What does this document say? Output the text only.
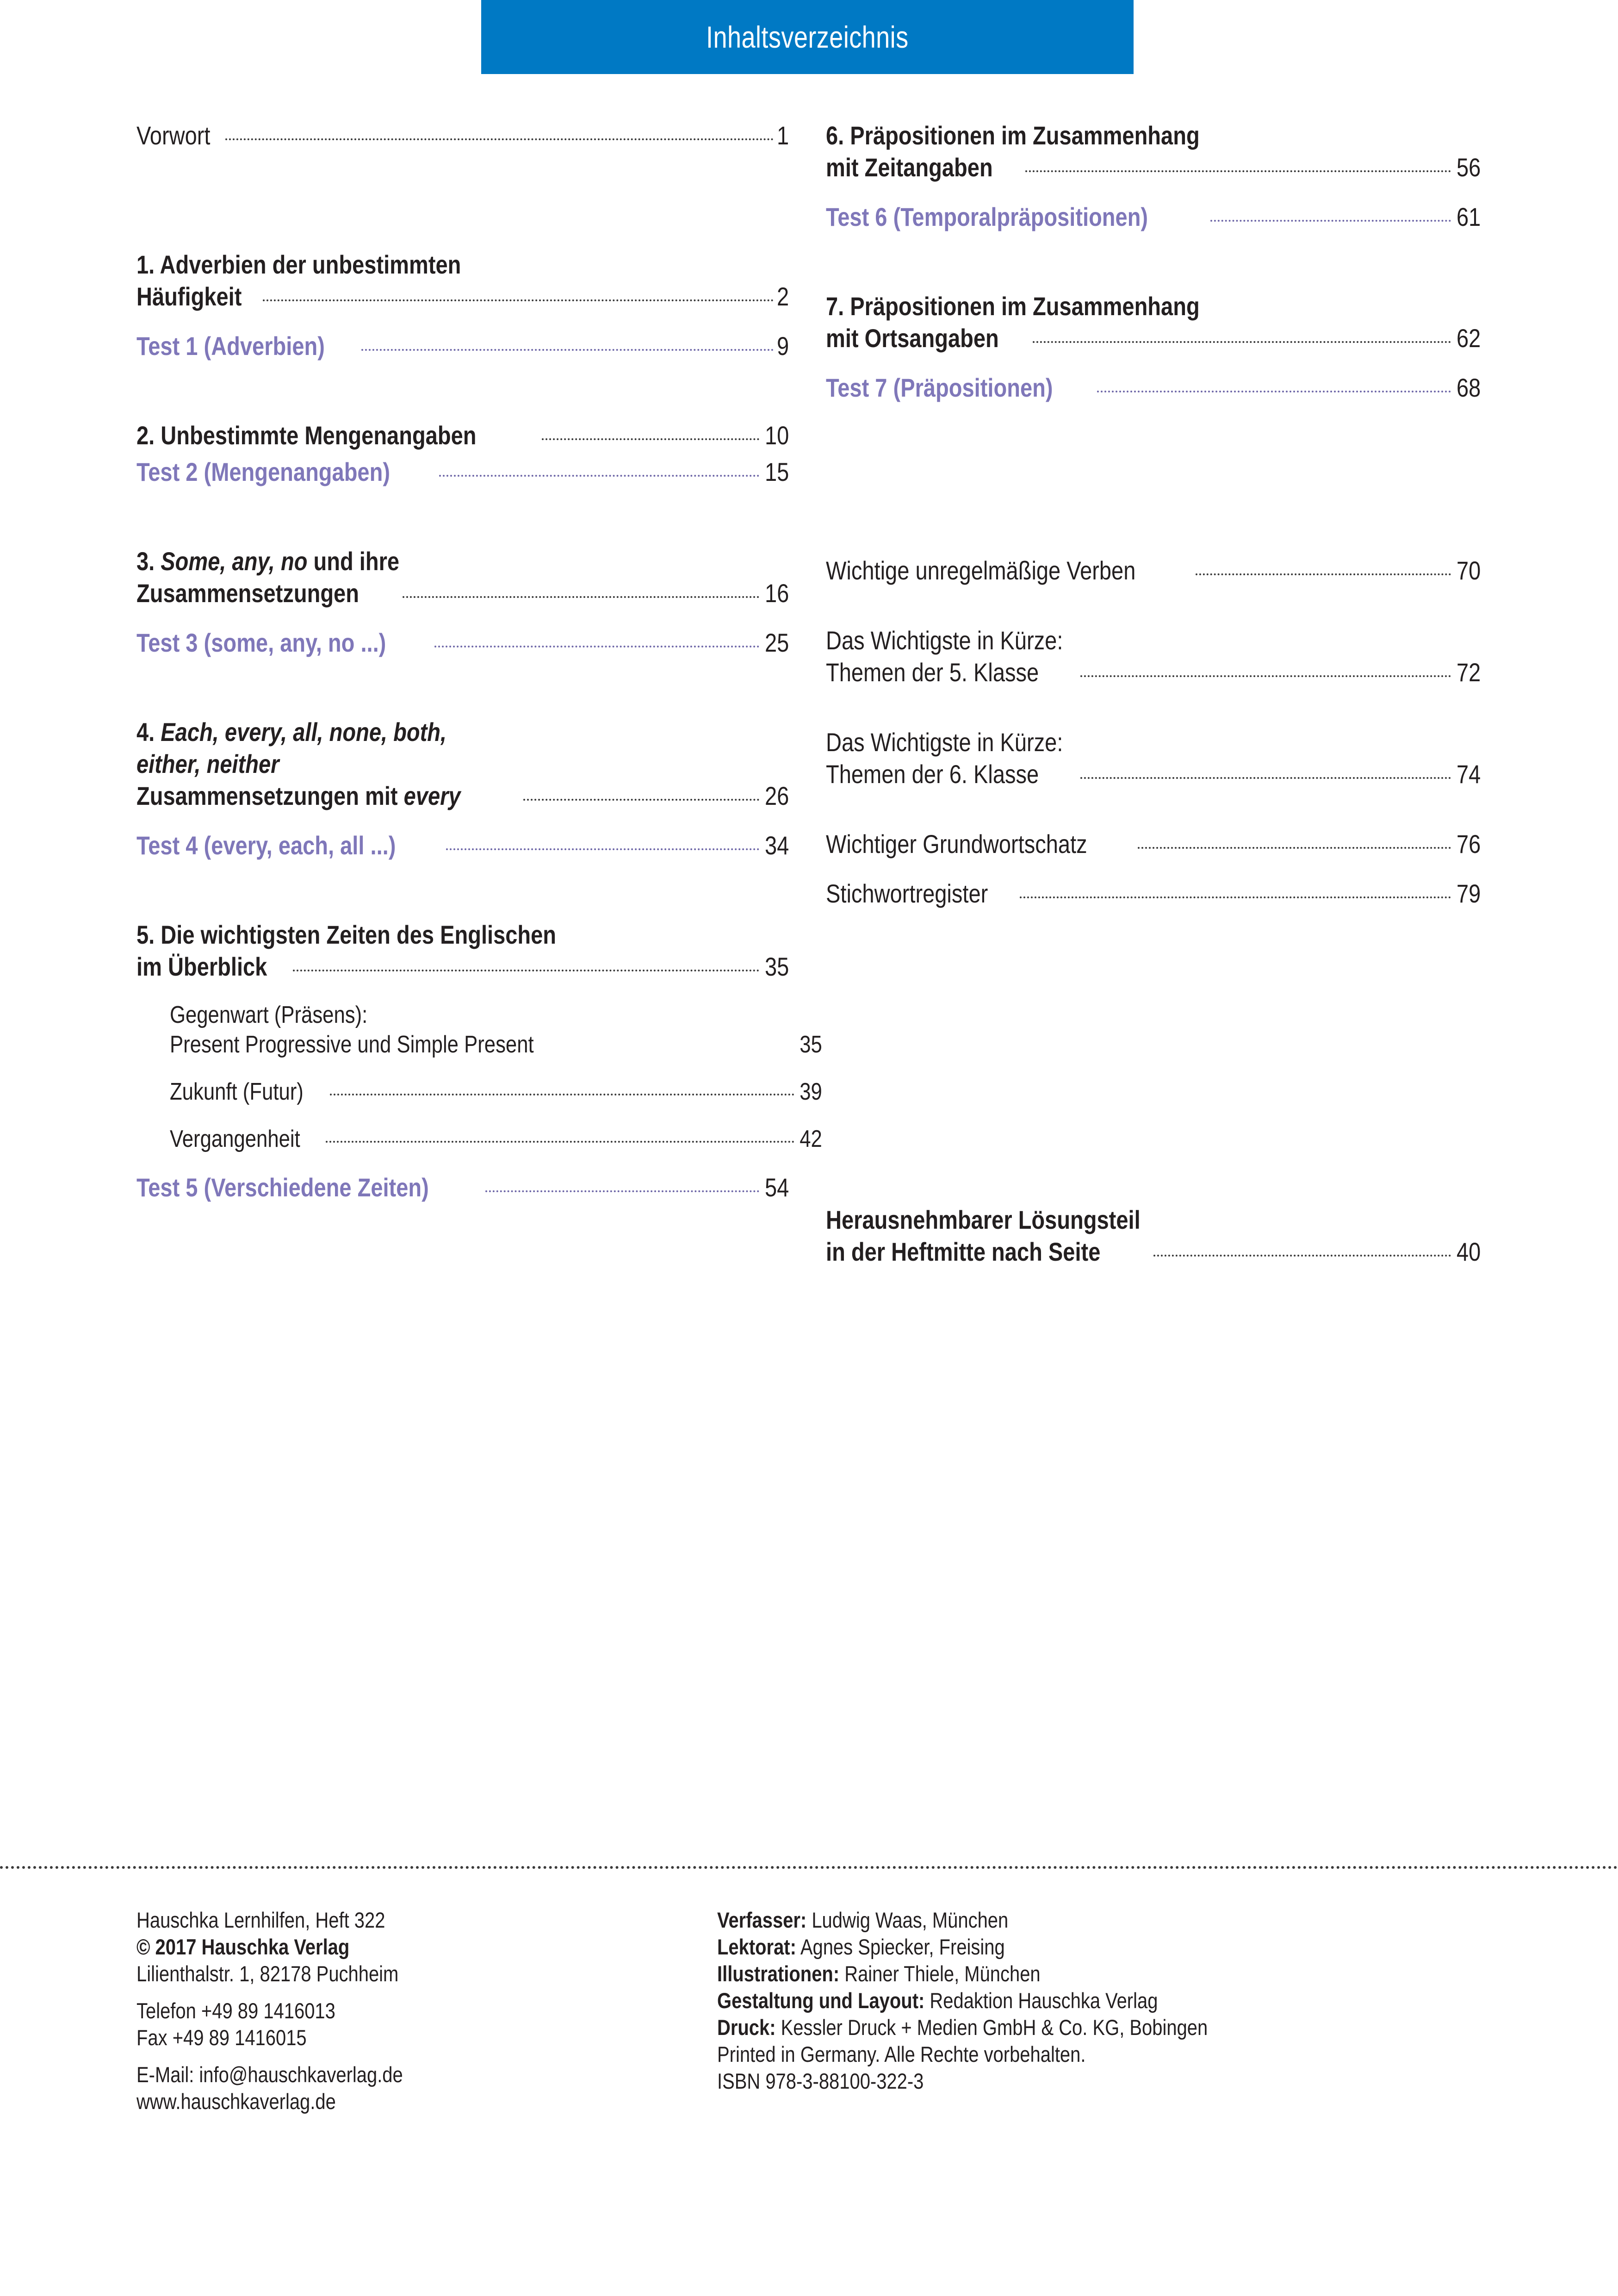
Inhaltsverzeichnis
Vorwort	1
1. Adverbien der unbestimmten
Häufigkeit	2
Test 1 (Adverbien)	9
2. Unbestimmte Mengenangaben	10
Test 2 (Mengenangaben)	15
3. Some, any, no und ihre
Zusammensetzungen	16
Test 3 (some, any, no ...)	25
4. Each, every, all, none, both,
either, neither
Zusammensetzungen mit every	26
Test 4 (every, each, all ...)	34
5. Die wichtigsten Zeiten des Englischen
im Überblick	35
Gegenwart (Präsens):
Present Progressive und Simple Present	35
Zukunft (Futur)	39
Vergangenheit	42
Test 5 (Verschiedene Zeiten)	54
6. Präpositionen im Zusammenhang
mit Zeitangaben	56
Test 6 (Temporalpräpositionen)	61
7. Präpositionen im Zusammenhang
mit Ortsangaben	62
Test 7 (Präpositionen)	68
Wichtige unregelmäßige Verben	70
Das Wichtigste in Kürze:
Themen der 5. Klasse	72
Das Wichtigste in Kürze:
Themen der 6. Klasse	74
Wichtiger Grundwortschatz	76
Stichwortregister	79
Herausnehmbarer Lösungsteil
in der Heftmitte nach Seite	40
Hauschka Lernhilfen, Heft 322
© 2017 Hauschka Verlag
Lilienthalstr. 1, 82178 Puchheim
Telefon +49 89 1416013
Fax +49 89 1416015
E-Mail: info@hauschkaverlag.de
www.hauschkaverlag.de
Verfasser: Ludwig Waas, München
Lektorat: Agnes Spiecker, Freising
Illustrationen: Rainer Thiele, München
Gestaltung und Layout: Redaktion Hauschka Verlag
Druck: Kessler Druck + Medien GmbH & Co. KG, Bobingen
Printed in Germany. Alle Rechte vorbehalten.
ISBN 978-3-88100-322-3
